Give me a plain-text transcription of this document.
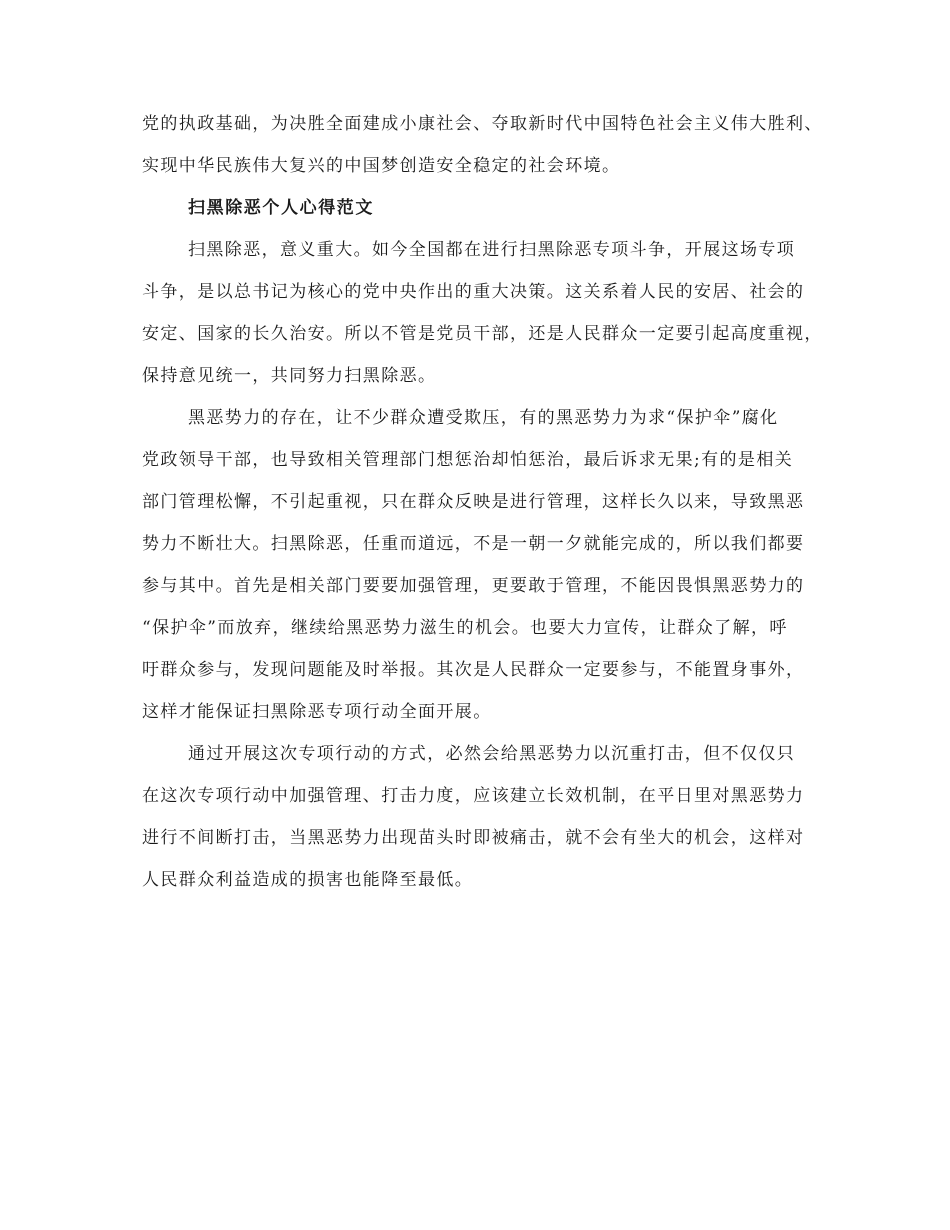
党的执政基础，为决胜全面建成小康社会、夺取新时代中国特色社会主义伟大胜利、
实现中华民族伟大复兴的中国梦创造安全稳定的社会环境。
扫黑除恶个人心得范文
扫黑除恶，意义重大。如今全国都在进行扫黑除恶专项斗争，开展这场专项
斗争，是以总书记为核心的党中央作出的重大决策。这关系着人民的安居、社会的
安定、国家的长久治安。所以不管是党员干部，还是人民群众一定要引起高度重视，
保持意见统一，共同努力扫黑除恶。
黑恶势力的存在，让不少群众遭受欺压，有的黑恶势力为求“保护伞”腐化
党政领导干部，也导致相关管理部门想惩治却怕惩治，最后诉求无果;有的是相关
部门管理松懈，不引起重视，只在群众反映是进行管理，这样长久以来，导致黑恶
势力不断壮大。扫黑除恶，任重而道远，不是一朝一夕就能完成的，所以我们都要
参与其中。首先是相关部门要要加强管理，更要敢于管理，不能因畏惧黑恶势力的
“保护伞”而放弃，继续给黑恶势力滋生的机会。也要大力宣传，让群众了解，呼
吁群众参与，发现问题能及时举报。其次是人民群众一定要参与，不能置身事外，
这样才能保证扫黑除恶专项行动全面开展。
通过开展这次专项行动的方式，必然会给黑恶势力以沉重打击，但不仅仅只
在这次专项行动中加强管理、打击力度，应该建立长效机制，在平日里对黑恶势力
进行不间断打击，当黑恶势力出现苗头时即被痛击，就不会有坐大的机会，这样对
人民群众利益造成的损害也能降至最低。
